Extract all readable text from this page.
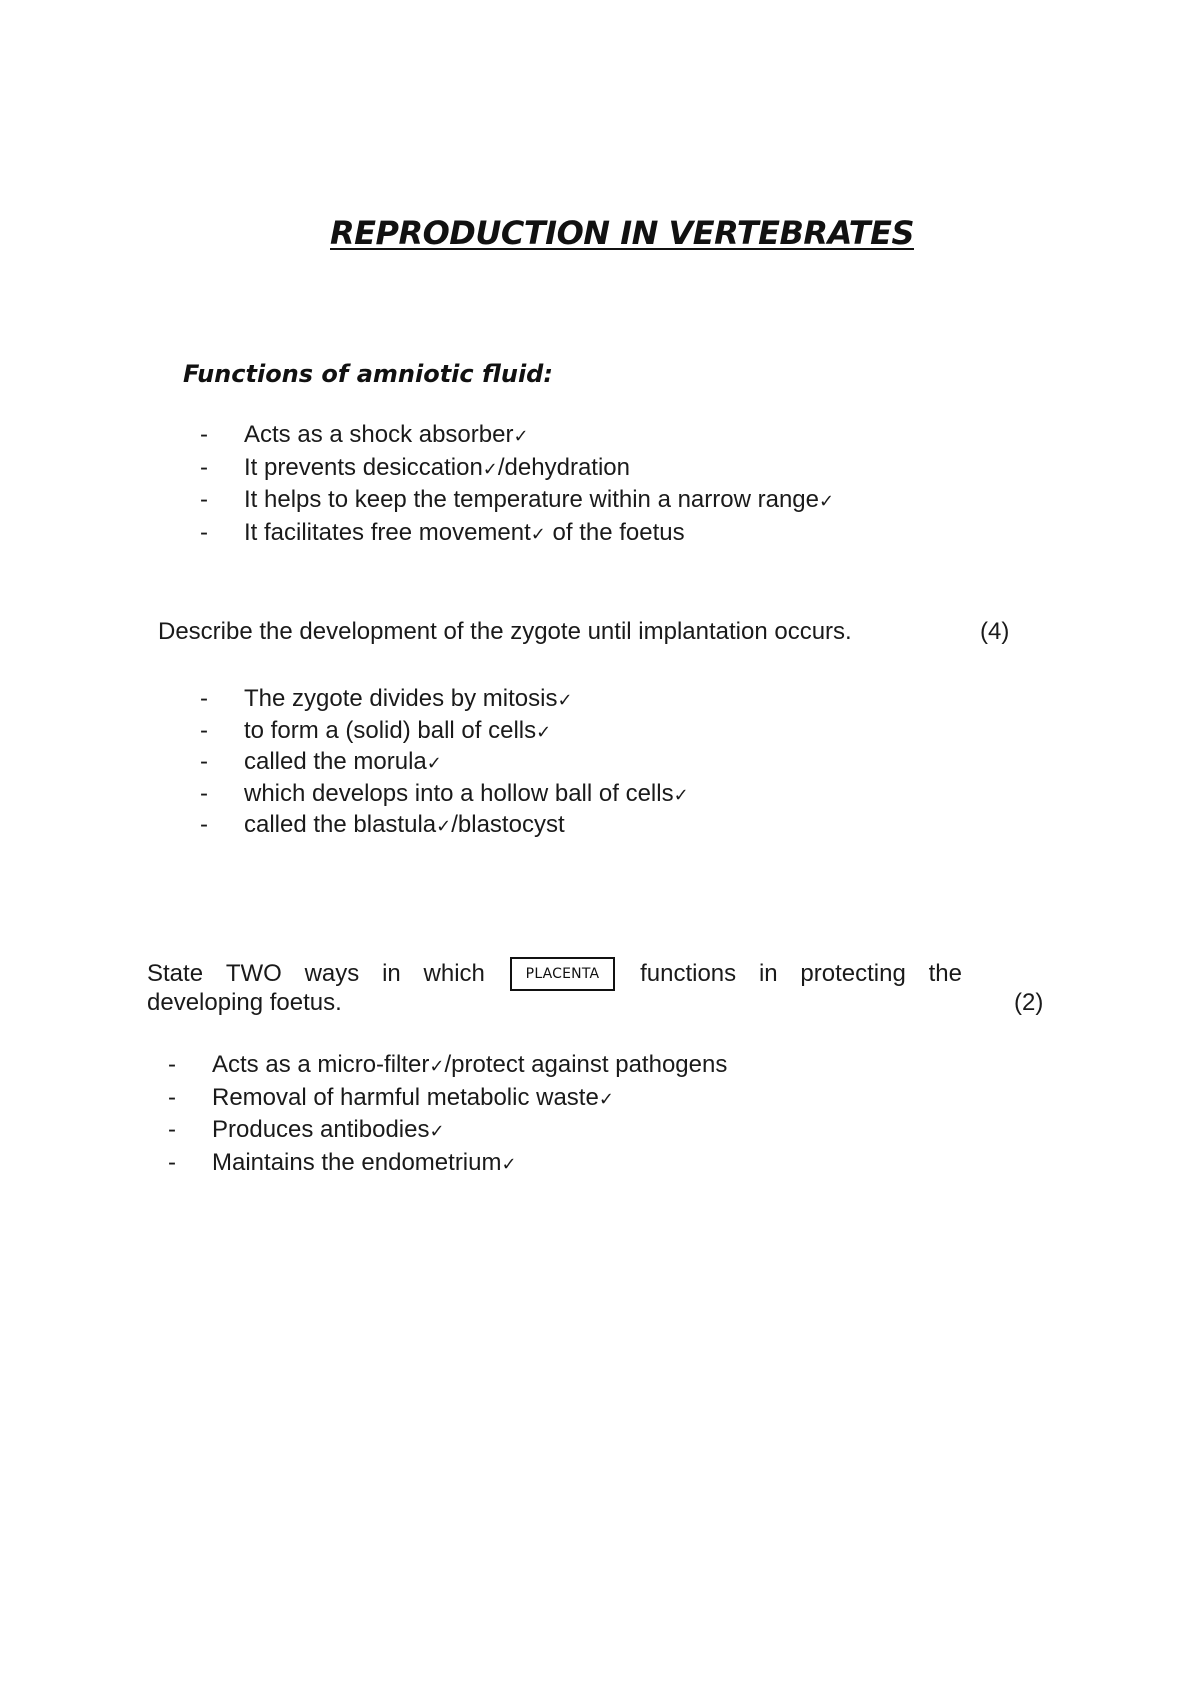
REPRODUCTION IN VERTEBRATES
Functions of amniotic fluid:
- Acts as a shock absorber✓
- It prevents desiccation✓/dehydration
- It helps to keep the temperature within a narrow range✓
- It facilitates free movement✓ of the foetus

Describe the development of the zygote until implantation occurs.	(4)

- The zygote divides by mitosis✓
- to form a (solid) ball of cells✓
- called the morula✓
- which develops into a hollow ball of cells✓
- called the blastula✓/blastocyst

State TWO ways in which	PLACENTA	functions in protecting the

developing foetus.	(2)

- Acts as a micro-filter✓/protect against pathogens
- Removal of harmful metabolic waste✓
- Produces antibodies✓
- Maintains the endometrium✓
